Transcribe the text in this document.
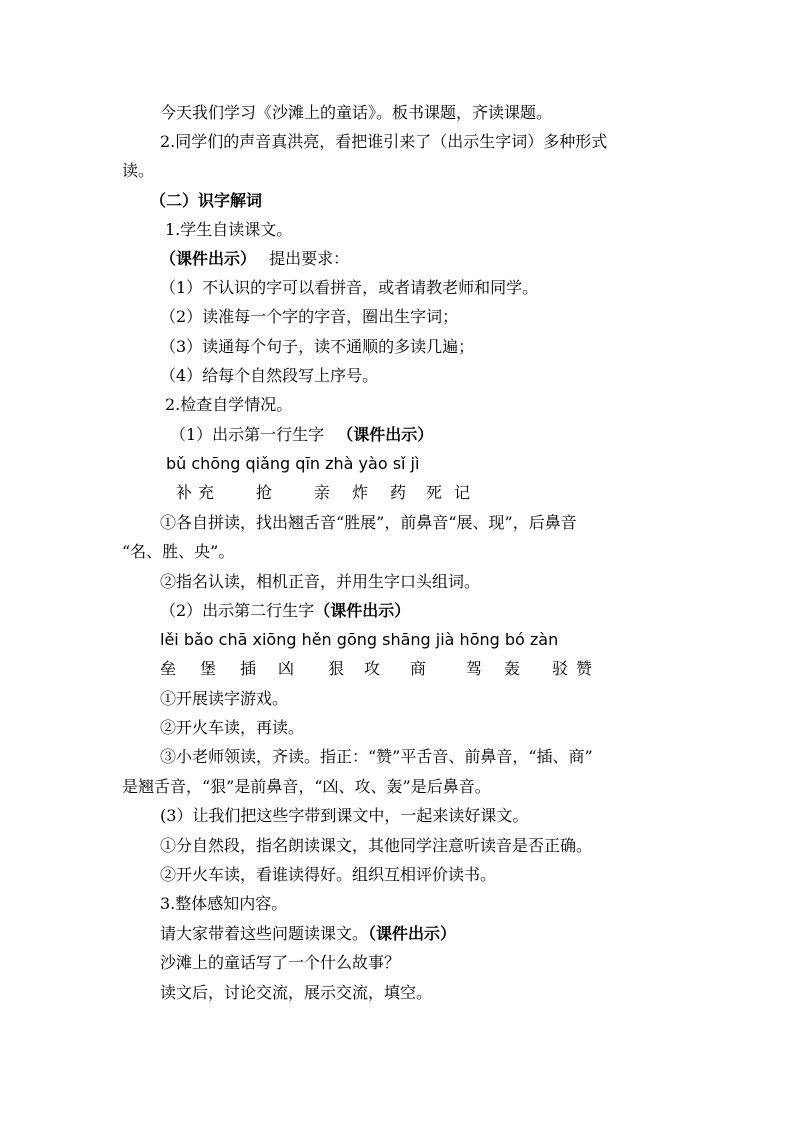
今天我们学习《沙滩上的童话》。板书课题，齐读课题。
2.同学们的声音真洪亮，看把谁引来了（出示生字词）多种形式
读。
（二）识字解词
1.学生自读课文。
（课件出示） 提出要求：
（1）不认识的字可以看拼音，或者请教老师和同学。
（2）读准每一个字的字音，圈出生字词；
（3）读通每个句子，读不通顺的多读几遍；
（4）给每个自然段写上序号。
2.检查自学情况。
（1）出示第一行生字 （课件出示）
bǔ chōng qiǎng qīn zhà yào sǐ jì
补 充	抢	亲 炸 药 死 记
①各自拼读，找出翘舌音“胜展”，前鼻音“展、现”，后鼻音
“名、胜、央”。
②指名认读，相机正音，并用生字口头组词。
（2）出示第二行生字（课件出示）
lěi bǎo chā xiōng hěn gōng shāng jià hōng bó zàn
垒 堡 插 凶 狠 攻 商 驾 轰 驳 赞
①开展读字游戏。
②开火车读，再读。
③小老师领读，齐读。指正：“赞”平舌音、前鼻音，“插、商”
是翘舌音，“狠”是前鼻音，“凶、攻、轰”是后鼻音。
(3）让我们把这些字带到课文中，一起来读好课文。
①分自然段，指名朗读课文，其他同学注意听读音是否正确。
②开火车读，看谁读得好。组织互相评价读书。
3.整体感知内容。
请大家带着这些问题读课文。（课件出示）
沙滩上的童话写了一个什么故事？
读文后，讨论交流，展示交流，填空。
